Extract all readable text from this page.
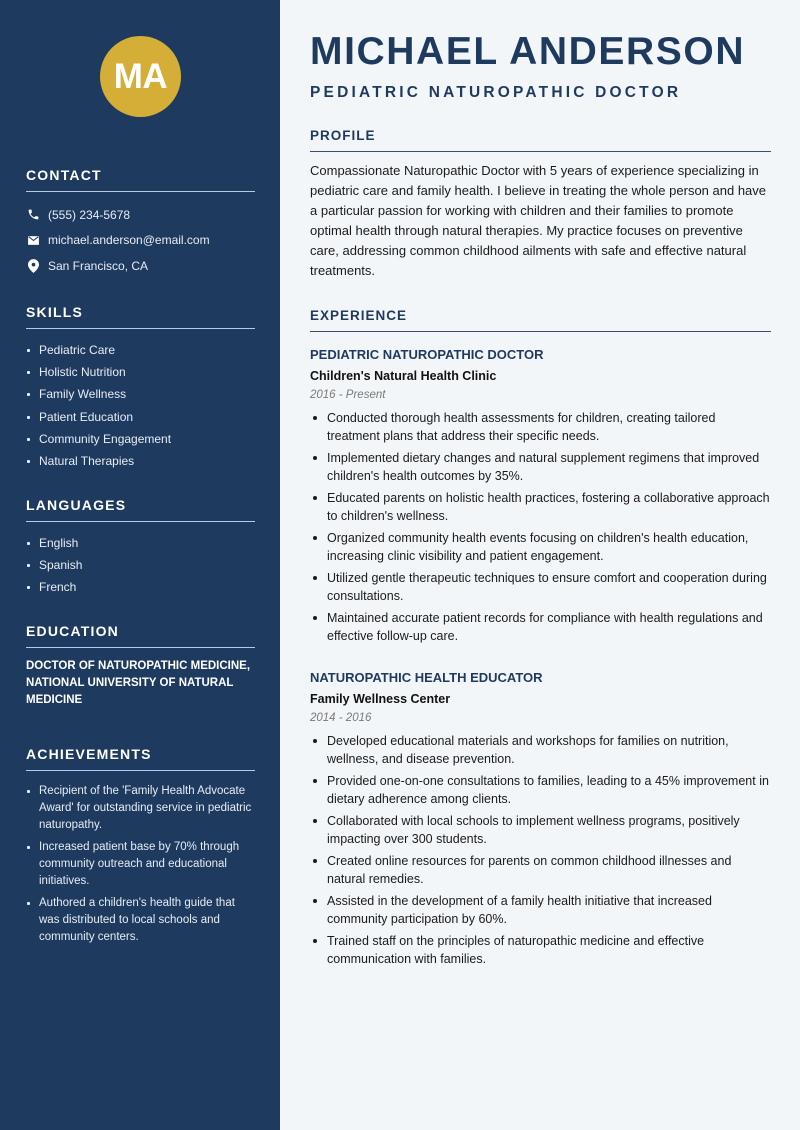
MA
CONTACT
(555) 234-5678
michael.anderson@email.com
San Francisco, CA
SKILLS
Pediatric Care
Holistic Nutrition
Family Wellness
Patient Education
Community Engagement
Natural Therapies
LANGUAGES
English
Spanish
French
EDUCATION

DOCTOR OF NATUROPATHIC MEDICINE, NATIONAL UNIVERSITY OF NATURAL MEDICINE

ACHIEVEMENTS
Recipient of the 'Family Health Advocate Award' for outstanding service in pediatric naturopathy.
Increased patient base by 70% through community outreach and educational initiatives.
Authored a children's health guide that was distributed to local schools and community centers.
MICHAEL ANDERSON
PEDIATRIC NATUROPATHIC DOCTOR
PROFILE

Compassionate Naturopathic Doctor with 5 years of experience specializing in pediatric care and family health. I believe in treating the whole person and have a particular passion for working with children and their families to promote optimal health through natural therapies. My practice focuses on preventive care, addressing common childhood ailments with safe and effective natural treatments.

EXPERIENCE
PEDIATRIC NATUROPATHIC DOCTOR
Children's Natural Health Clinic
2016 - Present
Conducted thorough health assessments for children, creating tailored treatment plans that address their specific needs.
Implemented dietary changes and natural supplement regimens that improved children's health outcomes by 35%.
Educated parents on holistic health practices, fostering a collaborative approach to children's wellness.
Organized community health events focusing on children's health education, increasing clinic visibility and patient engagement.
Utilized gentle therapeutic techniques to ensure comfort and cooperation during consultations.
Maintained accurate patient records for compliance with health regulations and effective follow-up care.
NATUROPATHIC HEALTH EDUCATOR
Family Wellness Center
2014 - 2016
Developed educational materials and workshops for families on nutrition, wellness, and disease prevention.
Provided one-on-one consultations to families, leading to a 45% improvement in dietary adherence among clients.
Collaborated with local schools to implement wellness programs, positively impacting over 300 students.
Created online resources for parents on common childhood illnesses and natural remedies.
Assisted in the development of a family health initiative that increased community participation by 60%.
Trained staff on the principles of naturopathic medicine and effective communication with families.
